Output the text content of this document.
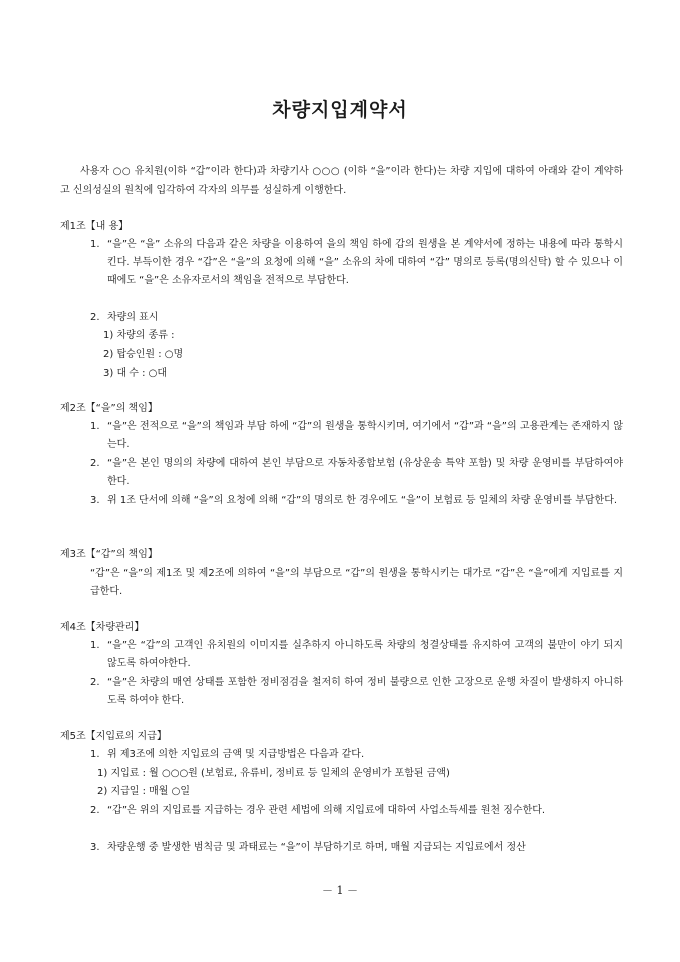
차량지입계약서
사용자 ○○ 유치원(이하 “갑”이라 한다)과 차량기사 ○○○ (이하 “을”이라 한다)는 차량 지입에 대하여 아래와 같이 계약하고 신의성실의 원칙에 입각하여 각자의 의무를 성실하게 이행한다.
제1조【내 용】
1. “을”은 “을” 소유의 다음과 같은 차량을 이용하여 을의 책임 하에 갑의 원생을 본 계약서에 정하는 내용에 따라 통학시킨다. 부득이한 경우 “갑”은 “을”의 요청에 의해 “을” 소유의 차에 대하여 “갑” 명의로 등록(명의신탁) 할 수 있으나 이때에도 “을”은 소유자로서의 책임을 전적으로 부담한다.
2. 차량의 표시
1) 차량의 종류 :
2) 탑승인원 : ○명
3) 대 수 : ○대
제2조【“을”의 책임】
1. “을”은 전적으로 “을”의 책임과 부담 하에 “갑”의 원생을 통학시키며, 여기에서 “갑”과 “을”의 고용관계는 존재하지 않는다.
2. “을”은 본인 명의의 차량에 대하여 본인 부담으로 자동차종합보험 (유상운송 특약 포함) 및 차량 운영비를 부담하여야 한다.
3. 위 1조 단서에 의해 “을”의 요청에 의해 “갑”의 명의로 한 경우에도 “을”이 보험료 등 일체의 차량 운영비를 부담한다.
제3조【“갑”의 책임】
“갑”은 “을”의 제1조 및 제2조에 의하여 “을”의 부담으로 “갑”의 원생을 통학시키는 대가로 “갑”은 “을”에게 지입료를 지급한다.
제4조【차량관리】
1. “을”은 “갑”의 고객인 유치원의 이미지를 실추하지 아니하도록 차량의 청결상태를 유지하여 고객의 불만이 야기 되지 않도록 하여야한다.
2. “을”은 차량의 매연 상태를 포함한 정비점검을 철저히 하여 정비 불량으로 인한 고장으로 운행 차질이 발생하지 아니하도록 하여야 한다.
제5조【지입료의 지급】
1. 위 제3조에 의한 지입료의 금액 및 지급방법은 다음과 같다.
1) 지입료 : 월 ○○○원 (보험료, 유류비, 정비료 등 일체의 운영비가 포함된 금액)
2) 지급일 : 매월 ○일
2. “갑”은 위의 지입료를 지급하는 경우 관련 세법에 의해 지입료에 대하여 사업소득세를 원천 징수한다.
3. 차량운행 중 발생한 범칙금 및 과태료는 “을”이 부담하기로 하며, 매월 지급되는 지입료에서 정산
－ 1 －
